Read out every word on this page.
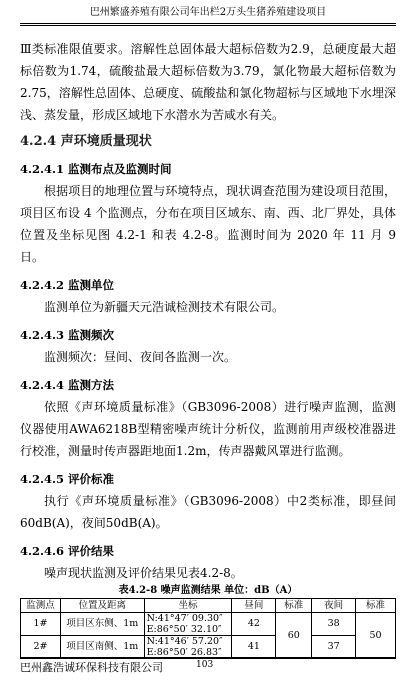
巴州繁盛养殖有限公司年出栏2万头生猪养殖建设项目

Ⅲ类标准限值要求。溶解性总固体最大超标倍数为2.9，总硬度最大超标倍数为1.74，硫酸盐最大超标倍数为3.79，氯化物最大超标倍数为2.75，溶解性总固体、总硬度、硫酸盐和氯化物超标与区域地下水埋深浅、蒸发量，形成区域地下水潜水为苦咸水有关。

4.2.4 声环境质量现状
4.2.4.1 监测布点及监测时间

根据项目的地理位置与环境特点，现状调查范围为建设项目范围，项目区布设 4 个监测点，分布在项目区域东、南、西、北厂界处，具体位置及坐标见图 4.2-1 和表 4.2-8。监测时间为 2020 年 11 月 9 日。

4.2.4.2 监测单位

监测单位为新疆天元浩诚检测技术有限公司。

4.2.4.3 监测频次

监测频次：昼间、夜间各监测一次。

4.2.4.4 监测方法

依照《声环境质量标准》（GB3096-2008）进行噪声监测，监测仪器使用AWA6218B型精密噪声统计分析仪，监测前用声级校准器进行校准，测量时传声器距地面1.2m，传声器戴风罩进行监测。

4.2.4.5 评价标准

执行《声环境质量标准》（GB3096-2008）中2类标准，即昼间60dB(A)，夜间50dB(A)。

4.2.4.6 评价结果

噪声现状监测及评价结果见表4.2-8。

表4.2-8 噪声监测结果 单位：dB（A）

监测点	位置及距离	坐标	昼间	标准	夜间	标准
1#	项目区东侧、1m	N:41°47′ 09.30″
E:86°50′ 32.10″	42	60	38	50
2#	项目区南侧、1m	N:41°46′ 57.20″
E:86°50′ 26.83″	41		37	
巴州鑫浩诚环保科技有限公司	103
